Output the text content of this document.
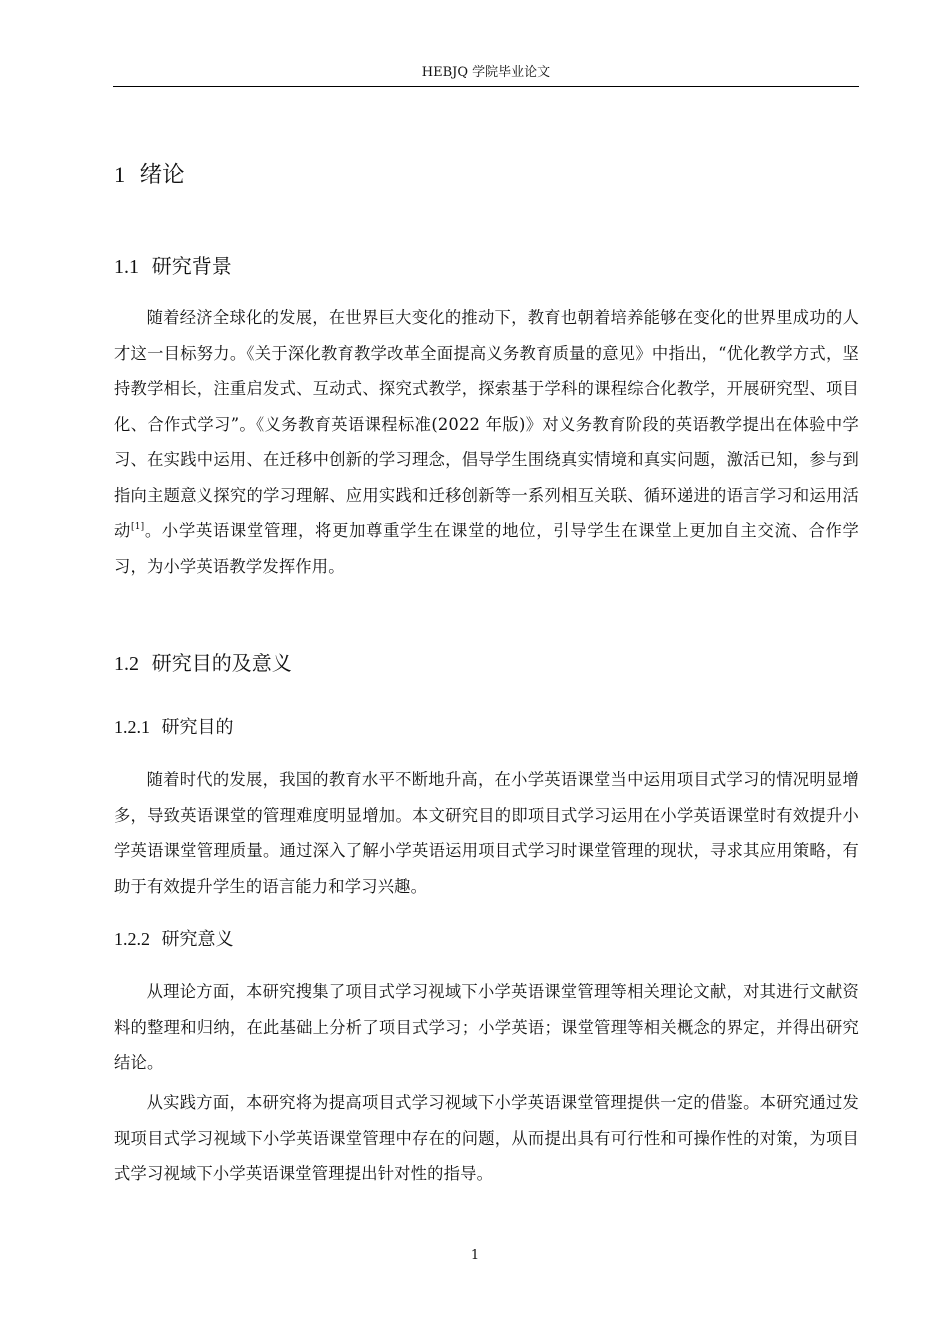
HEBJQ 学院毕业论文
1 绪论
1.1 研究背景

随着经济全球化的发展，在世界巨大变化的推动下，教育也朝着培养能够在变化的世界里成功的人才这一目标努力。《关于深化教育教学改革全面提高义务教育质量的意见》中指出，“优化教学方式，坚持教学相长，注重启发式、互动式、探究式教学，探索基于学科的课程综合化教学，开展研究型、项目化、合作式学习”。《义务教育英语课程标准(2022 年版)》对义务教育阶段的英语教学提出在体验中学习、在实践中运用、在迁移中创新的学习理念，倡导学生围绕真实情境和真实问题，激活已知，参与到指向主题意义探究的学习理解、应用实践和迁移创新等一系列相互关联、循环递进的语言学习和运用活动[1]。小学英语课堂管理，将更加尊重学生在课堂的地位，引导学生在课堂上更加自主交流、合作学习，为小学英语教学发挥作用。

1.2 研究目的及意义
1.2.1 研究目的

随着时代的发展，我国的教育水平不断地升高，在小学英语课堂当中运用项目式学习的情况明显增多，导致英语课堂的管理难度明显增加。本文研究目的即项目式学习运用在小学英语课堂时有效提升小学英语课堂管理质量。通过深入了解小学英语运用项目式学习时课堂管理的现状，寻求其应用策略，有助于有效提升学生的语言能力和学习兴趣。

1.2.2 研究意义

从理论方面，本研究搜集了项目式学习视域下小学英语课堂管理等相关理论文献，对其进行文献资料的整理和归纳，在此基础上分析了项目式学习；小学英语；课堂管理等相关概念的界定，并得出研究结论。

从实践方面，本研究将为提高项目式学习视域下小学英语课堂管理提供一定的借鉴。本研究通过发现项目式学习视域下小学英语课堂管理中存在的问题，从而提出具有可行性和可操作性的对策，为项目式学习视域下小学英语课堂管理提出针对性的指导。

1
